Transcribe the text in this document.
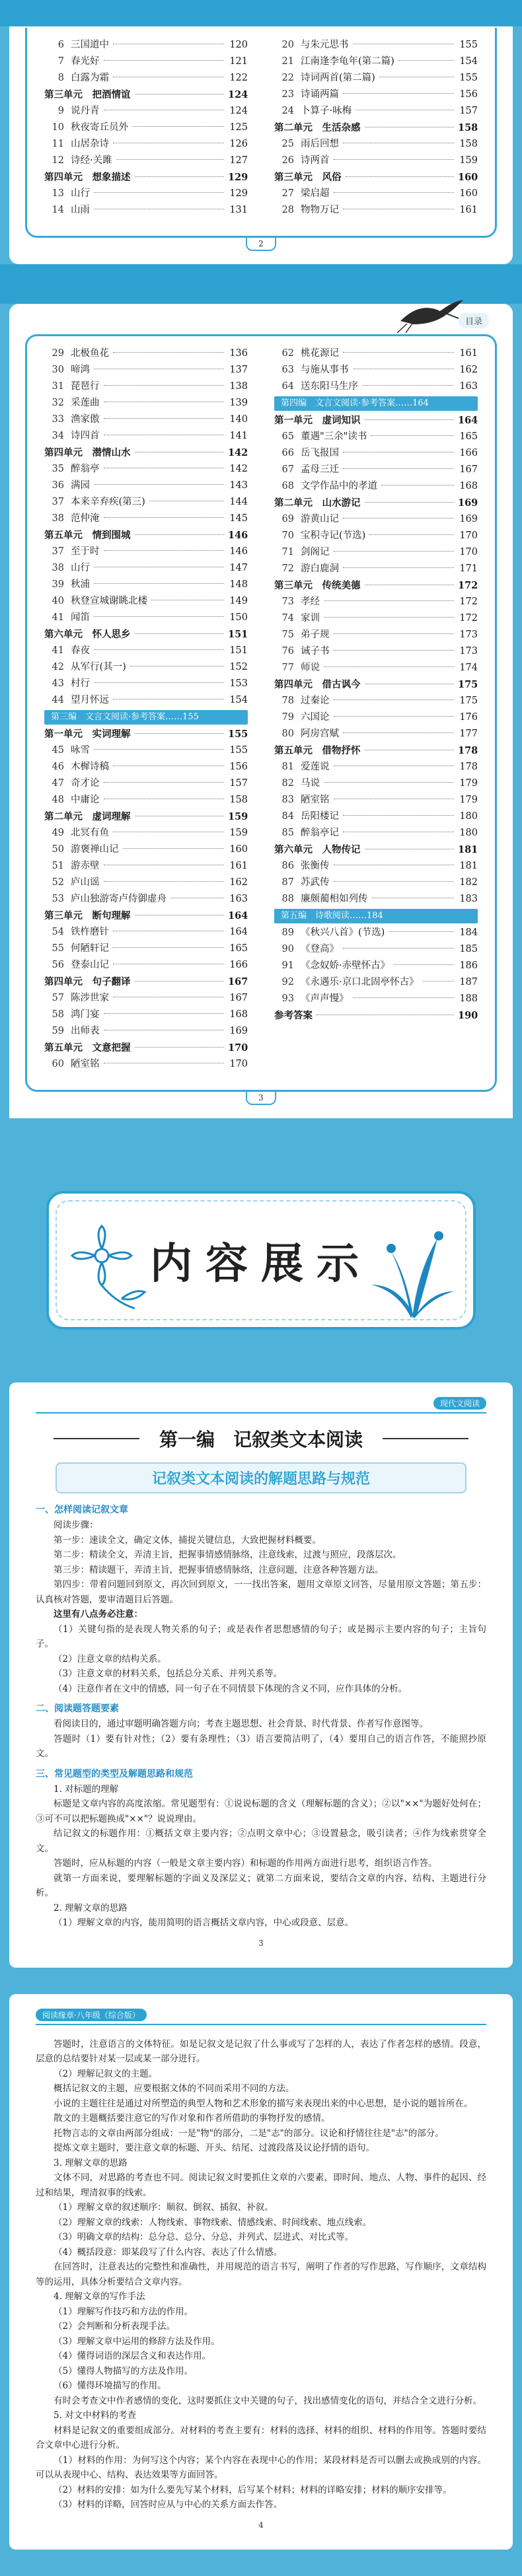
6 三国道中	120
7 春光好	121
8 白露为霜	122
第三单元　把酒情谊	124
9 说丹青	124
10 秋夜寄丘员外	125
11 山居杂诗	126
12 诗经·关雎	127
第四单元　想象描述	129
13 山行	129
14 山雨	131
20 与朱元思书	155
21 江南逢李龟年(第二篇)	154
22 诗词两首(第二篇)	155
23 诗诵两篇	156
24 卜算子·咏梅	157
第二单元　生活杂感	158
25 雨后回想	158
26 诗两首	159
第三单元　风俗	160
27 梁启超	160
28 物物万记	161
2
目录
29 北极鱼花	136
30 啼鸿	137
31 琵琶行	138
32 采莲曲	139
33 渔家傲	140
34 诗四首	141
第四单元　潜情山水	142
35 醉翁亭	142
36 满园	143
37 本来辛弃疾(第三)	144
38 范仲淹	145
第五单元　情到围城	146
37 至于时	146
38 山行	147
39 秋浦	148
40 秋登宣城谢眺北楼	149
41 闻笛	150
第六单元　怀人思乡	151
41 春夜	151
42 从军行(其一)	152
43 村行	153
44 望月怀远	154
第三编　文言文阅读·参考答案……155
第一单元　实词理解	155
45 咏雪	155
46 木樨诗稿	156
47 奇才论	157
48 中庸论	158
第二单元　虚词理解	159
49 北冥有鱼	159
50 游褒禅山记	160
51 游赤壁	161
52 庐山谣	162
53 庐山独游寄卢侍御虚舟	163
第三单元　断句理解	164
54 铁杵磨针	164
55 何陋轩记	165
56 登泰山记	166
第四单元　句子翻译	167
57 陈涉世家	167
58 鸿门宴	168
59 出师表	169
第五单元　文意把握	170
60 陋室铭	170
62 桃花源记	161
63 与施从事书	162
64 送东阳马生序	163
第四编　文言文阅读·参考答案……164
第一单元　虚词知识	164
65 董遇"三余"读书	165
66 岳飞报国	166
67 孟母三迁	167
68 文学作品中的孝道	168
第二单元　山水游记	169
69 游黄山记	169
70 宝积寺记(节选)	170
71 剑阁记	170
72 游白鹿洞	171
第三单元　传统美德	172
73 孝经	172
74 家训	172
75 弟子规	173
76 诫子书	173
77 师说	174
第四单元　借古讽今	175
78 过秦论	175
79 六国论	176
80 阿房宫赋	177
第五单元　借物抒怀	178
81 爱莲说	178
82 马说	179
83 陋室铭	179
84 岳阳楼记	180
85 醉翁亭记	180
第六单元　人物传记	181
86 张衡传	181
87 苏武传	182
88 廉颇蔺相如列传	183
第五编　诗歌阅读……184
89 《秋兴八首》(节选)	184
90 《登高》	185
91 《念奴娇·赤壁怀古》	186
92 《永遇乐·京口北固亭怀古》	187
93 《声声慢》	188
参考答案	190
3
内容展示
现代文阅读
第一编　记叙类文本阅读
记叙类文本阅读的解题思路与规范
一、怎样阅读记叙文章
阅读步骤：
第一步：速读全文，确定文体，捕捉关键信息，大致把握材料概要。
第二步：精读全文，弄清主旨，把握事情感情脉络，注意线索，过渡与照应，段落层次。
第三步：精读题干，弄清主旨，把握事情感情脉络，注意问题，注意各种答题方法。
第四步：带着问题回到原文，再次回到原文，一一找出答案，题用文章原文回答，尽量用原文答题；第五步：认真核对答题，要审清题目后答题。
这里有八点务必注意：
（1）关键句指的是表现人物关系的句子；或是表作者思想感情的句子；或是揭示主要内容的句子；主旨句子。
（2）注意文章的结构关系。
（3）注意文章的材料关系，包括总分关系、并列关系等。
（4）注意作者在文中的情感，同一句子在不同情景下体现的含义不同，应作具体的分析。
二、阅读题答题要素
看阅读目的，通过审题明确答题方向；考查主题思想、社会背景、时代背景、作者写作意图等。
答题时（1）要有针对性；（2）要有条理性；（3）语言要简洁明了，（4）要用自己的语言作答，不能照抄原文。
三、常见题型的类型及解题思路和规范
1. 对标题的理解
标题是文章内容的高度浓缩。常见题型有：①说说标题的含义（理解标题的含义）；②以"××"为题好处何在；③可不可以把标题换成"××"？说说理由。
结记叙文的标题作用：①概括文章主要内容；②点明文章中心；③设置悬念，吸引读者；④作为线索贯穿全文。
答题时，应从标题的内容（一般是文章主要内容）和标题的作用两方面进行思考，组织语言作答。
就第一方面来说，要理解标题的字面义及深层义；就第二方面来说，要结合文章的内容、结构、主题进行分析。
2. 理解文章的思路
（1）理解文章的内容，能用简明的语言概括文章内容，中心或段意、层意。
3
阅读缘章·八年级（综合版）
答题时，注意语言的文体特征。如是记叙文是记叙了什么事或写了怎样的人，表达了作者怎样的感情。段意，层意的总结要针对某一层或某一部分进行。
（2）理解记叙文的主题。
概括记叙文的主题，应要根据文体的不同而采用不同的方法。
小说的主题往往是通过对所塑造的典型人物和艺术形象的描写来表现出来的中心思想，是小说的题旨所在。
散文的主题概括要注意它的写作对象和作者所借助的事物抒发的感情。
托物言志的文章由两部分组成：一是"物"的部分，二是"志"的部分。议论和抒情往往是"志"的部分。
提炼文章主题时，要注意文章的标题、开头、结尾、过渡段落及议论抒情的语句。
3. 理解文章的思路
文体不同，对思路的考查也不同。阅读记叙文时要抓住文章的六要素，即时间、地点、人物、事件的起因、经过和结果，理清叙事的线索。
（1）理解文章的叙述顺序：顺叙、倒叙、插叙、补叙。
（2）理解文章的线索：人物线索、事物线索、情感线索、时间线索、地点线索。
（3）明确文章的结构：总分总、总分、分总、并列式、层进式、对比式等。
（4）概括段意：即某段写了什么内容、表达了什么情感。
在回答时，注意表达的完整性和准确性，并用规范的语言书写，阐明了作者的写作思路，写作顺序，文章结构等的运用，具体分析要结合文章内容。
4. 理解文章的写作手法
（1）理解写作技巧和方法的作用。
（2）会判断和分析表现手法。
（3）理解文章中运用的修辞方法及作用。
（4）懂得词语的深层含义和表达作用。
（5）懂得人物描写的方法及作用。
（6）懂得环境描写的作用。
有时会考查文中作者感情的变化，这时要抓住文中关键的句子，找出感情变化的语句，并结合全文进行分析。
5. 对文中材料的考查
材料是记叙文的重要组成部分。对材料的考查主要有：材料的选择、材料的组织、材料的作用等。答题时要结合文章中心进行分析。
（1）材料的作用：为何写这个内容；某个内容在表现中心的作用；某段材料是否可以删去或换成别的内容。可以从表现中心、结构、表达效果等方面回答。
（2）材料的安排：如为什么要先写某个材料，后写某个材料；材料的详略安排；材料的顺序安排等。
（3）材料的详略，回答时应从与中心的关系方面去作答。
4
